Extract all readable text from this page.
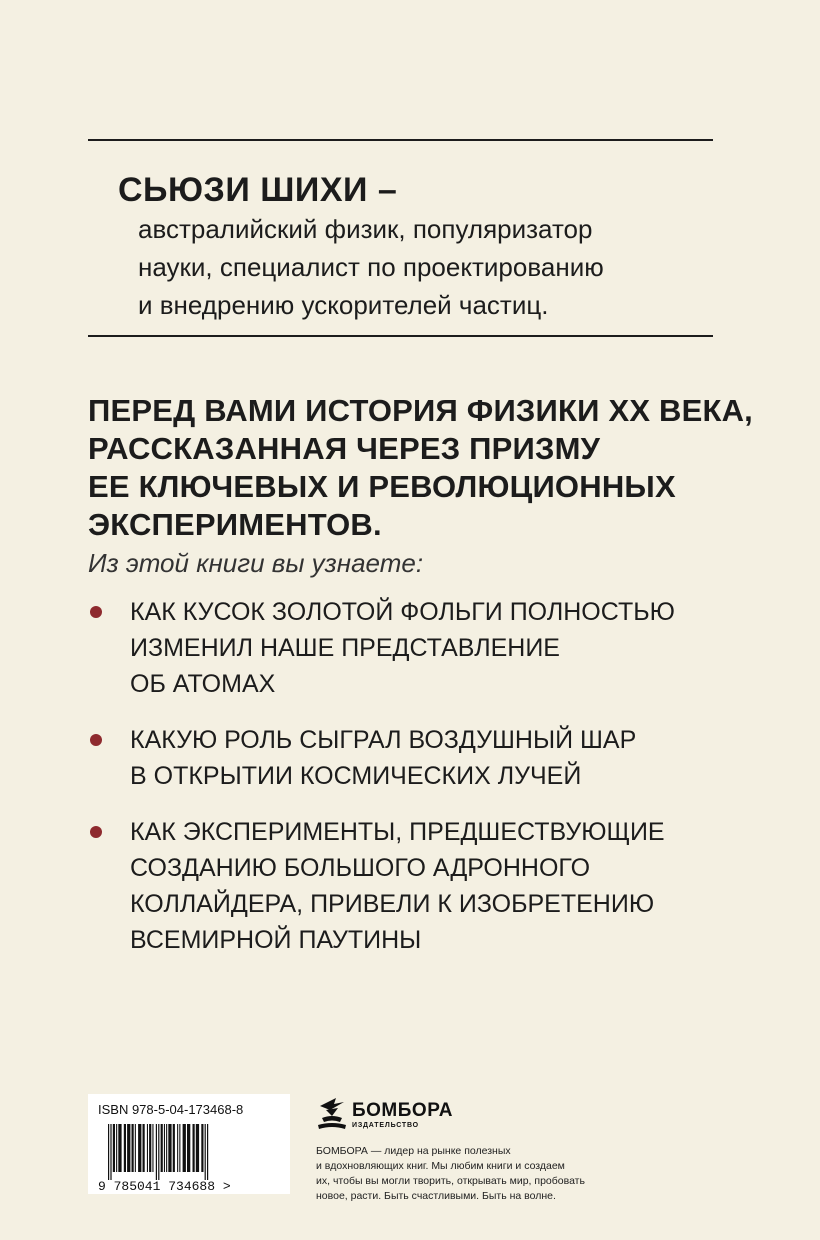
СЬЮЗИ ШИХИ –
австралийский физик, популяризатор
науки, специалист по проектированию
и внедрению ускорителей частиц.
ПЕРЕД ВАМИ ИСТОРИЯ ФИЗИКИ XX ВЕКА,
РАССКАЗАННАЯ ЧЕРЕЗ ПРИЗМУ
ЕЕ КЛЮЧЕВЫХ И РЕВОЛЮЦИОННЫХ
ЭКСПЕРИМЕНТОВ.
Из этой книги вы узнаете:
КАК КУСОК ЗОЛОТОЙ ФОЛЬГИ ПОЛНОСТЬЮ
ИЗМЕНИЛ НАШЕ ПРЕДСТАВЛЕНИЕ
ОБ АТОМАХ
КАКУЮ РОЛЬ СЫГРАЛ ВОЗДУШНЫЙ ШАР
В ОТКРЫТИИ КОСМИЧЕСКИХ ЛУЧЕЙ
КАК ЭКСПЕРИМЕНТЫ, ПРЕДШЕСТВУЮЩИЕ
СОЗДАНИЮ БОЛЬШОГО АДРОННОГО
КОЛЛАЙДЕРА, ПРИВЕЛИ К ИЗОБРЕТЕНИЮ
ВСЕМИРНОЙ ПАУТИНЫ
ISBN 978-5-04-173468-8
9 785041 734688 >
БОМБОРА
ИЗДАТЕЛЬСТВО
БОМБОРА — лидер на рынке полезных
и вдохновляющих книг. Мы любим книги и создаем
их, чтобы вы могли творить, открывать мир, пробовать
новое, расти. Быть счастливыми. Быть на волне.
